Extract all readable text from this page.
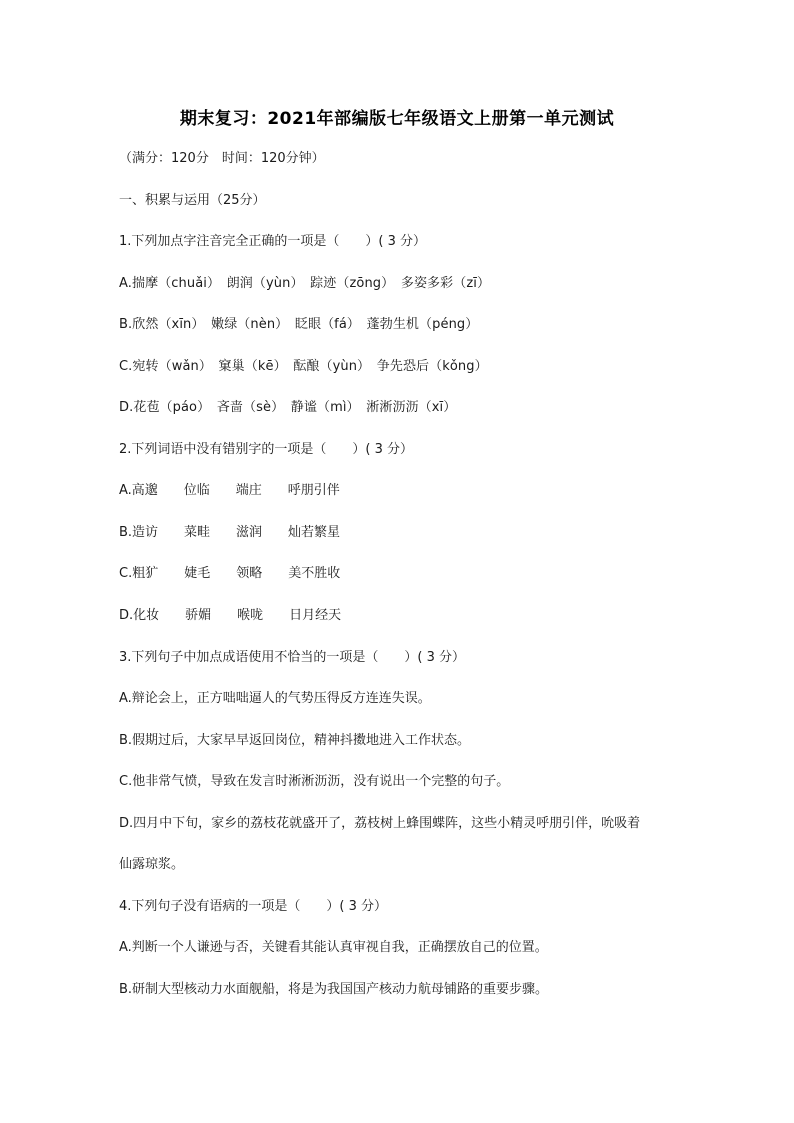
期末复习：2021年部编版七年级语文上册第一单元测试
（满分：120分　时间：120分钟）
一、积累与运用（25分）
1.下列加点字注音完全正确的一项是（　　）( 3 分）
A.揣摩（chuǎi）　朗润（yùn）　踪迹（zōng）　多姿多彩（zī）
B.欣然（xīn）　嫩绿（nèn）　眨眼（fá）　蓬勃生机（péng）
C.宛转（wǎn）　窠巢（kē）　酝酿（yùn）　争先恐后（kǒng）
D.花苞（páo）　吝啬（sè）　静谧（mì）　淅淅沥沥（xī）
2.下列词语中没有错别字的一项是（　　）( 3 分）
A.高邈　　位临　　端庄　　呼朋引伴
B.造访　　菜畦　　滋润　　灿若繁星
C.粗犷　　婕毛　　领略　　美不胜收
D.化妆　　骄媚　　喉咙　　日月经天
3.下列句子中加点成语使用不恰当的一项是（　　）( 3 分）
A.辩论会上，正方咄咄逼人的气势压得反方连连失误。
B.假期过后，大家早早返回岗位，精神抖擞地进入工作状态。
C.他非常气愤，导致在发言时淅淅沥沥，没有说出一个完整的句子。
D.四月中下旬，家乡的荔枝花就盛开了，荔枝树上蜂围蝶阵，这些小精灵呼朋引伴，吮吸着
仙露琼浆。
4.下列句子没有语病的一项是（　　）( 3 分）
A.判断一个人谦逊与否，关键看其能认真审视自我，正确摆放自己的位置。
B.研制大型核动力水面舰船，将是为我国国产核动力航母铺路的重要步骤。
